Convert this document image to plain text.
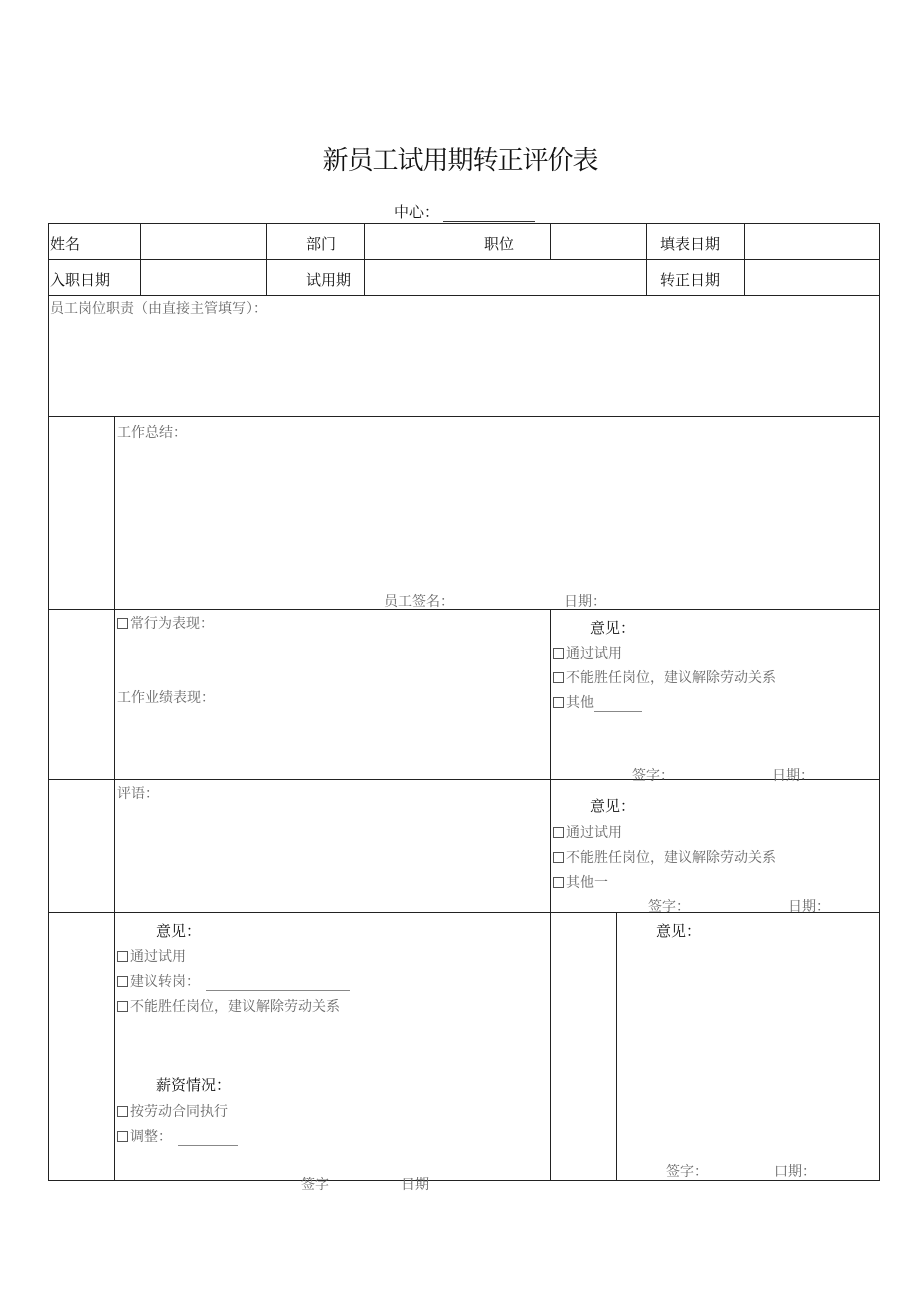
新员工试用期转正评价表
中心：
姓名	部门	职位	填表日期
入职日期	试用期	转正日期
员工岗位职责（由直接主管填写）：
工作总结：
员工签名：	日期：
常行为表现：
工作业绩表现：
意见：
通过试用
不能胜任岗位，建议解除劳动关系
其他
签字：	日期：
评语：
意见：
通过试用
不能胜任岗位，建议解除劳动关系
其他一
签字：	日期：
意见：
通过试用
建议转岗：
不能胜任岗位，建议解除劳动关系
薪资情况：
按劳动合同执行
调整：
签字	日期
意见：
签字：	口期：
